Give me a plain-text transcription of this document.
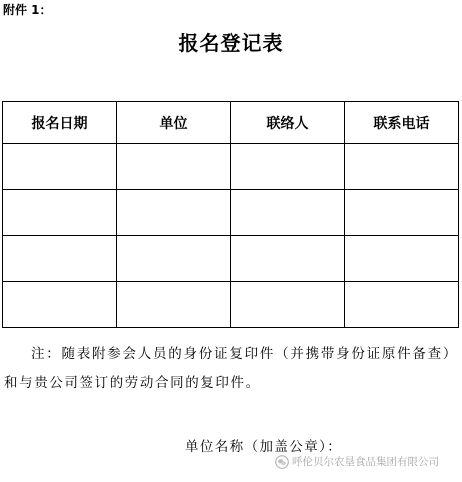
附件 1：
报名登记表
报名日期	单位	联络人	联系电话

注：随表附参会人员的身份证复印件（并携带身份证原件备查）和与贵公司签订的劳动合同的复印件。
单位名称（加盖公章）：
呼伦贝尔农垦食品集团有限公司
